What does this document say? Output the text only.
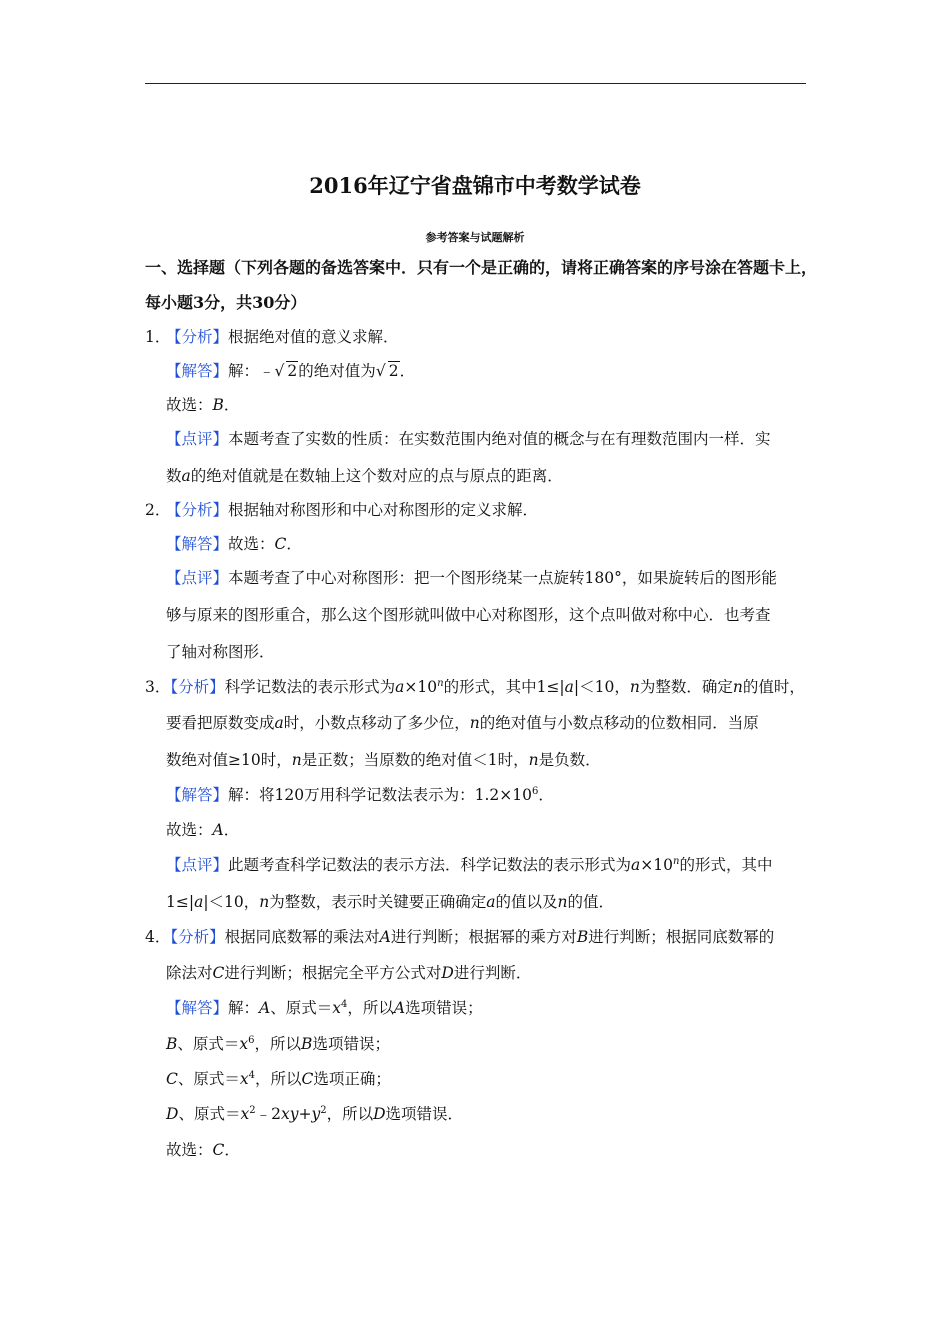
2016年辽宁省盘锦市中考数学试卷
参考答案与试题解析
一、选择题（下列各题的备选答案中．只有一个是正确的，请将正确答案的序号涂在答题卡上，
每小题3分，共30分）
1．【分析】根据绝对值的意义求解．
【解答】解：﹣√ 2的绝对值为√ 2．
故选：B．
【点评】本题考查了实数的性质：在实数范围内绝对值的概念与在有理数范围内一样．实
数a的绝对值就是在数轴上这个数对应的点与原点的距离．
2．【分析】根据轴对称图形和中心对称图形的定义求解．
【解答】故选：C．
【点评】本题考查了中心对称图形：把一个图形绕某一点旋转180°，如果旋转后的图形能
够与原来的图形重合，那么这个图形就叫做中心对称图形，这个点叫做对称中心．也考查
了轴对称图形．
3．【分析】科学记数法的表示形式为$a\times 10^n$的形式，其中1≤|a|＜10，n为整数．确定n的值时，
要看把原数变成a时，小数点移动了多少位，n的绝对值与小数点移动的位数相同．当原
数绝对值≥10时，n是正数；当原数的绝对值＜1时，n是负数．
【解答】解：将120万用科学记数法表示为：$1.2\times 10^6$．
故选：A．
【点评】此题考查科学记数法的表示方法．科学记数法的表示形式为$a\times 10^n$的形式，其中
1≤|a|＜10，n为整数，表示时关键要正确确定a的值以及n的值．
4．【分析】根据同底数幂的乘法对A进行判断；根据幂的乘方对B进行判断；根据同底数幂的
除法对C进行判断；根据完全平方公式对D进行判断．
【解答】解：A、原式$=x^4$，所以A选项错误；
B、原式$=x^6$，所以B选项错误；
C、原式$=x^4$，所以C选项正确；
D、原式$=x^2﹣2xy+y^2$，所以D选项错误．
故选：C．
